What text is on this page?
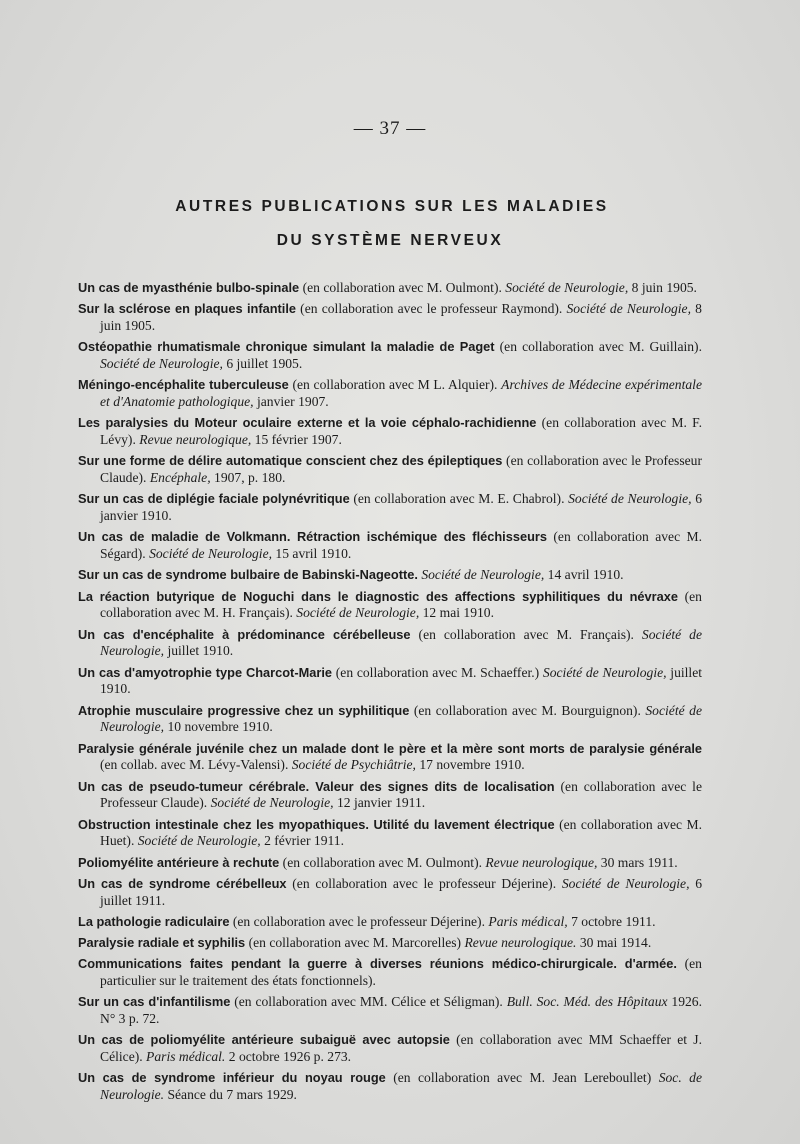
— 37 —
AUTRES PUBLICATIONS SUR LES MALADIES
DU SYSTÈME NERVEUX
Un cas de myasthénie bulbo-spinale (en collaboration avec M. Oulmont). Société de Neurologie, 8 juin 1905.
Sur la sclérose en plaques infantile (en collaboration avec le professeur Raymond). Société de Neurologie, 8 juin 1905.
Ostéopathie rhumatismale chronique simulant la maladie de Paget (en collaboration avec M. Guillain). Société de Neurologie, 6 juillet 1905.
Méningo-encéphalite tuberculeuse (en collaboration avec M L. Alquier). Archives de Médecine expérimentale et d'Anatomie pathologique, janvier 1907.
Les paralysies du Moteur oculaire externe et la voie céphalo-rachidienne (en collaboration avec M. F. Lévy). Revue neurologique, 15 février 1907.
Sur une forme de délire automatique conscient chez des épileptiques (en collaboration avec le Professeur Claude). Encéphale, 1907, p. 180.
Sur un cas de diplégie faciale polynévritique (en collaboration avec M. E. Chabrol). Société de Neurologie, 6 janvier 1910.
Un cas de maladie de Volkmann. Rétraction ischémique des fléchisseurs (en collaboration avec M. Ségard). Société de Neurologie, 15 avril 1910.
Sur un cas de syndrome bulbaire de Babinski-Nageotte. Société de Neurologie, 14 avril 1910.
La réaction butyrique de Noguchi dans le diagnostic des affections syphilitiques du névraxe (en collaboration avec M. H. Français). Société de Neurologie, 12 mai 1910.
Un cas d'encéphalite à prédominance cérébelleuse (en collaboration avec M. Français). Société de Neurologie, juillet 1910.
Un cas d'amyotrophie type Charcot-Marie (en collaboration avec M. Schaeffer.) Société de Neurologie, juillet 1910.
Atrophie musculaire progressive chez un syphilitique (en collaboration avec M. Bourguignon). Société de Neurologie, 10 novembre 1910.
Paralysie générale juvénile chez un malade dont le père et la mère sont morts de paralysie générale (en collab. avec M. Lévy-Valensi). Société de Psychiâtrie, 17 novembre 1910.
Un cas de pseudo-tumeur cérébrale. Valeur des signes dits de localisation (en collaboration avec le Professeur Claude). Société de Neurologie, 12 janvier 1911.
Obstruction intestinale chez les myopathiques. Utilité du lavement électrique (en collaboration avec M. Huet). Société de Neurologie, 2 février 1911.
Poliomyélite antérieure à rechute (en collaboration avec M. Oulmont). Revue neurologique, 30 mars 1911.
Un cas de syndrome cérébelleux (en collaboration avec le professeur Déjerine). Société de Neurologie, 6 juillet 1911.
La pathologie radiculaire (en collaboration avec le professeur Déjerine). Paris médical, 7 octobre 1911.
Paralysie radiale et syphilis (en collaboration avec M. Marcorelles) Revue neurologique. 30 mai 1914.
Communications faites pendant la guerre à diverses réunions médico-chirurgicale. d'armée. (en particulier sur le traitement des états fonctionnels).
Sur un cas d'infantilisme (en collaboration avec MM. Célice et Séligman). Bull. Soc. Méd. des Hôpitaux 1926. N° 3 p. 72.
Un cas de poliomyélite antérieure subaiguë avec autopsie (en collaboration avec MM Schaeffer et J. Célice). Paris médical. 2 octobre 1926 p. 273.
Un cas de syndrome inférieur du noyau rouge (en collaboration avec M. Jean Lereboullet) Soc. de Neurologie. Séance du 7 mars 1929.
